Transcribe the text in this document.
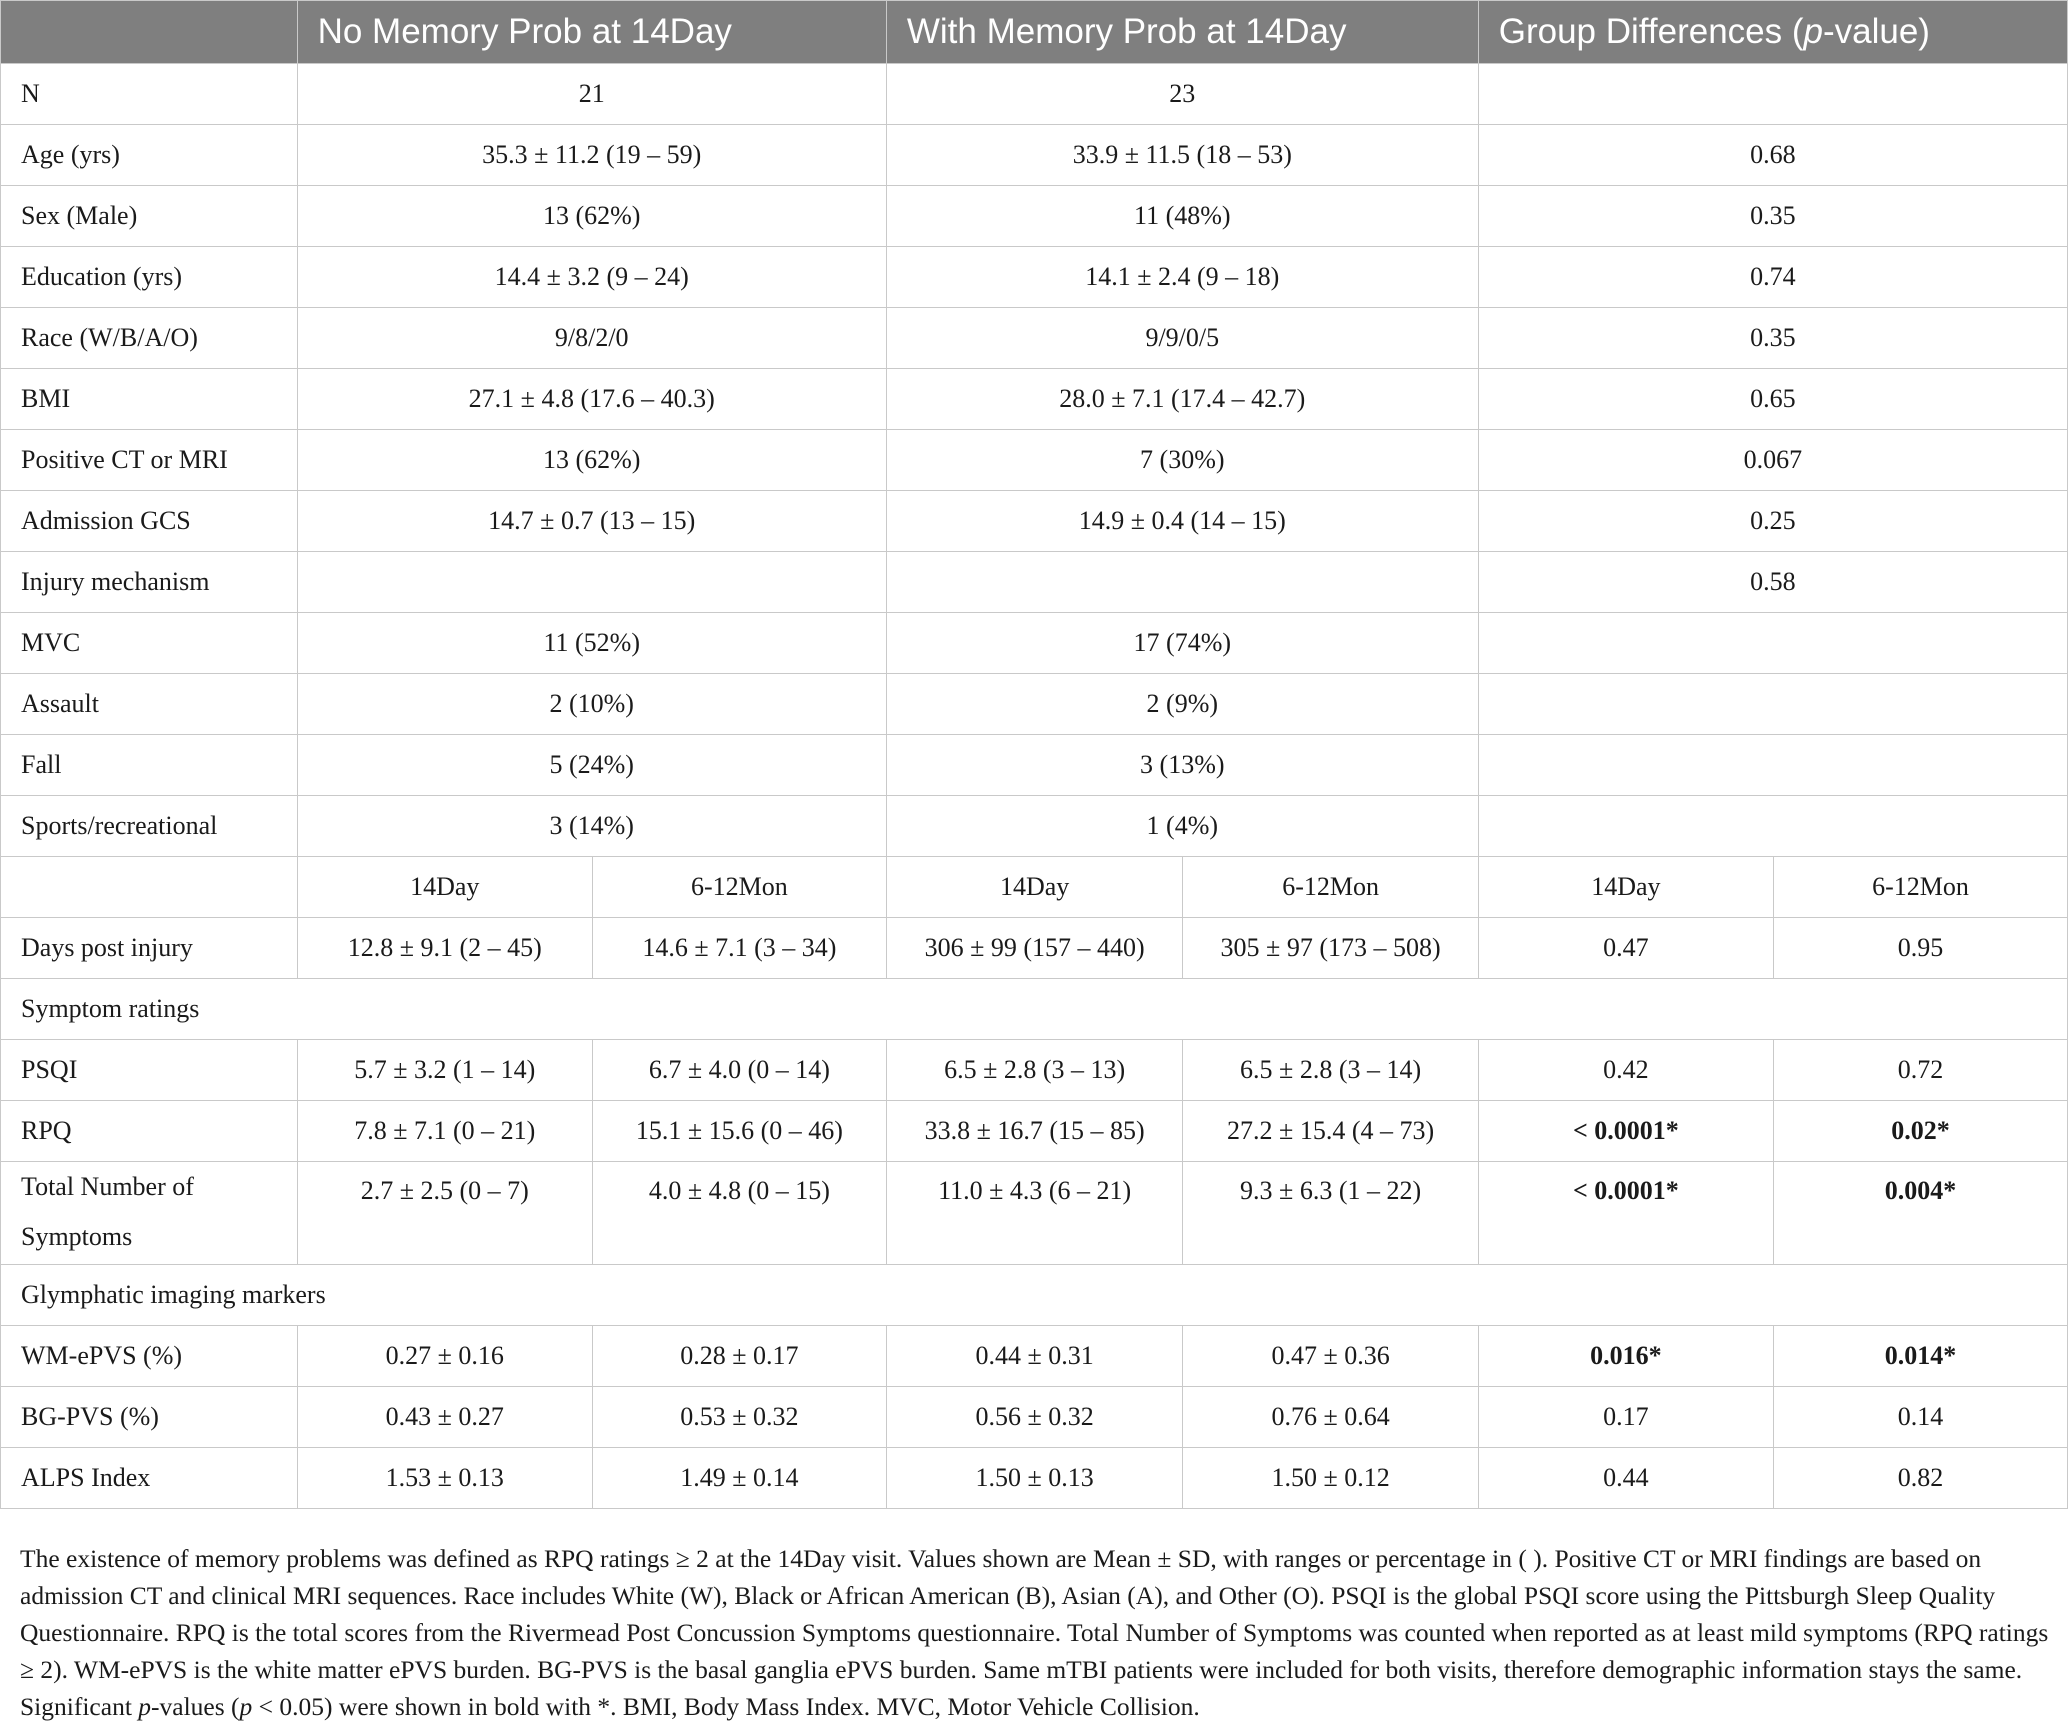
	No Memory Prob at 14Day		With Memory Prob at 14Day		Group Differences (p-value)	
N	21		23			
Age (yrs)	35.3 ± 11.2 (19 – 59)		33.9 ± 11.5 (18 – 53)		0.68	
Sex (Male)	13 (62%)		11 (48%)		0.35	
Education (yrs)	14.4 ± 3.2 (9 – 24)		14.1 ± 2.4 (9 – 18)		0.74	
Race (W/B/A/O)	9/8/2/0		9/9/0/5		0.35	
BMI	27.1 ± 4.8 (17.6 – 40.3)		28.0 ± 7.1 (17.4 – 42.7)		0.65	
Positive CT or MRI	13 (62%)		7 (30%)		0.067	
Admission GCS	14.7 ± 0.7 (13 – 15)		14.9 ± 0.4 (14 – 15)		0.25	
Injury mechanism					0.58	
MVC	11 (52%)		17 (74%)			
Assault	2 (10%)		2 (9%)			
Fall	5 (24%)		3 (13%)			
Sports/recreational	3 (14%)		1 (4%)			
	14Day	6-12Mon	14Day	6-12Mon	14Day	6-12Mon
Days post injury	12.8 ± 9.1 (2 – 45)	14.6 ± 7.1 (3 – 34)	306 ± 99 (157 – 440)	305 ± 97 (173 – 508)	0.47	0.95
Symptom ratings						
PSQI	5.7 ± 3.2 (1 – 14)	6.7 ± 4.0 (0 – 14)	6.5 ± 2.8 (3 – 13)	6.5 ± 2.8 (3 – 14)	0.42	0.72
RPQ	7.8 ± 7.1 (0 – 21)	15.1 ± 15.6 (0 – 46)	33.8 ± 16.7 (15 – 85)	27.2 ± 15.4 (4 – 73)	< 0.0001*	0.02*
Total Number of Symptoms	2.7 ± 2.5 (0 – 7)	4.0 ± 4.8 (0 – 15)	11.0 ± 4.3 (6 – 21)	9.3 ± 6.3 (1 – 22)	< 0.0001*	0.004*
Glymphatic imaging markers						
WM-ePVS (%)	0.27 ± 0.16	0.28 ± 0.17	0.44 ± 0.31	0.47 ± 0.36	0.016*	0.014*
BG-PVS (%)	0.43 ± 0.27	0.53 ± 0.32	0.56 ± 0.32	0.76 ± 0.64	0.17	0.14
ALPS Index	1.53 ± 0.13	1.49 ± 0.14	1.50 ± 0.13	1.50 ± 0.12	0.44	0.82
The existence of memory problems was defined as RPQ ratings ≥ 2 at the 14Day visit. Values shown are Mean ± SD, with ranges or percentage in ( ). Positive CT or MRI findings are based on admission CT and clinical MRI sequences. Race includes White (W), Black or African American (B), Asian (A), and Other (O). PSQI is the global PSQI score using the Pittsburgh Sleep Quality Questionnaire. RPQ is the total scores from the Rivermead Post Concussion Symptoms questionnaire. Total Number of Symptoms was counted when reported as at least mild symptoms (RPQ ratings ≥ 2). WM-ePVS is the white matter ePVS burden. BG-PVS is the basal ganglia ePVS burden. Same mTBI patients were included for both visits, therefore demographic information stays the same. Significant p-values (p < 0.05) were shown in bold with *. BMI, Body Mass Index. MVC, Motor Vehicle Collision.
